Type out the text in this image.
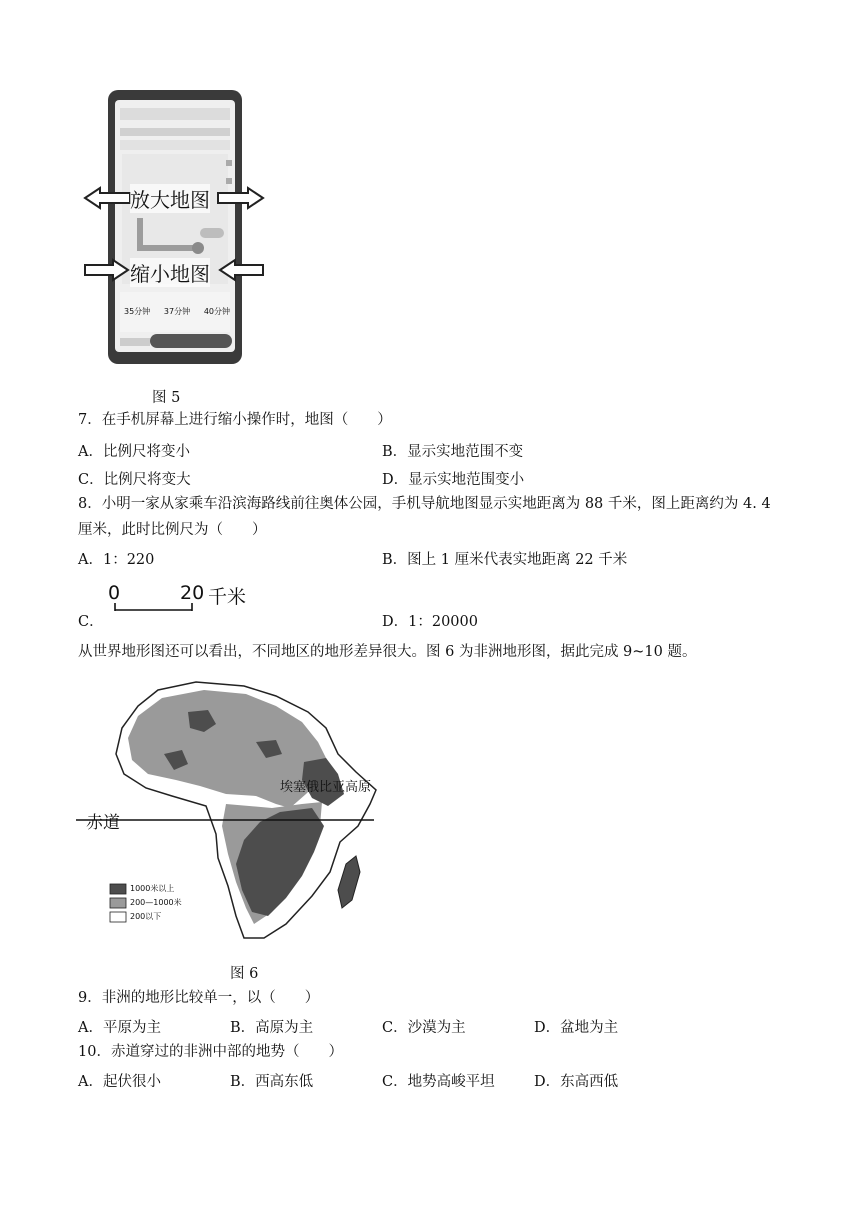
放大地图
缩小地图
35分钟 37分钟 40分钟
图 5
7．在手机屏幕上进行缩小操作时，地图（　　）
A．比例尺将变小	B．显示实地范围不变
C．比例尺将变大	D．显示实地范围变小
8．小明一家从家乘车沿滨海路线前往奥体公园，手机导航地图显示实地距离为 88 千米，图上距离约为 4. 4
厘米，此时比例尺为（　　）
A．1：220	B．图上 1 厘米代表实地距离 22 千米
C．
0	20 千米
D．1：20000
从世界地形图还可以看出，不同地区的地形差异很大。图 6 为非洲地形图，据此完成 9~10 题。
赤道
埃塞俄比亚高原
1000米以上
200—1000米
200以下
图 6
9．非洲的地形比较单一，以（　　）
A．平原为主	B．高原为主	C．沙漠为主	D．盆地为主
10．赤道穿过的非洲中部的地势（　　）
A．起伏很小	B．西高东低	C．地势高峻平坦	D．东高西低
